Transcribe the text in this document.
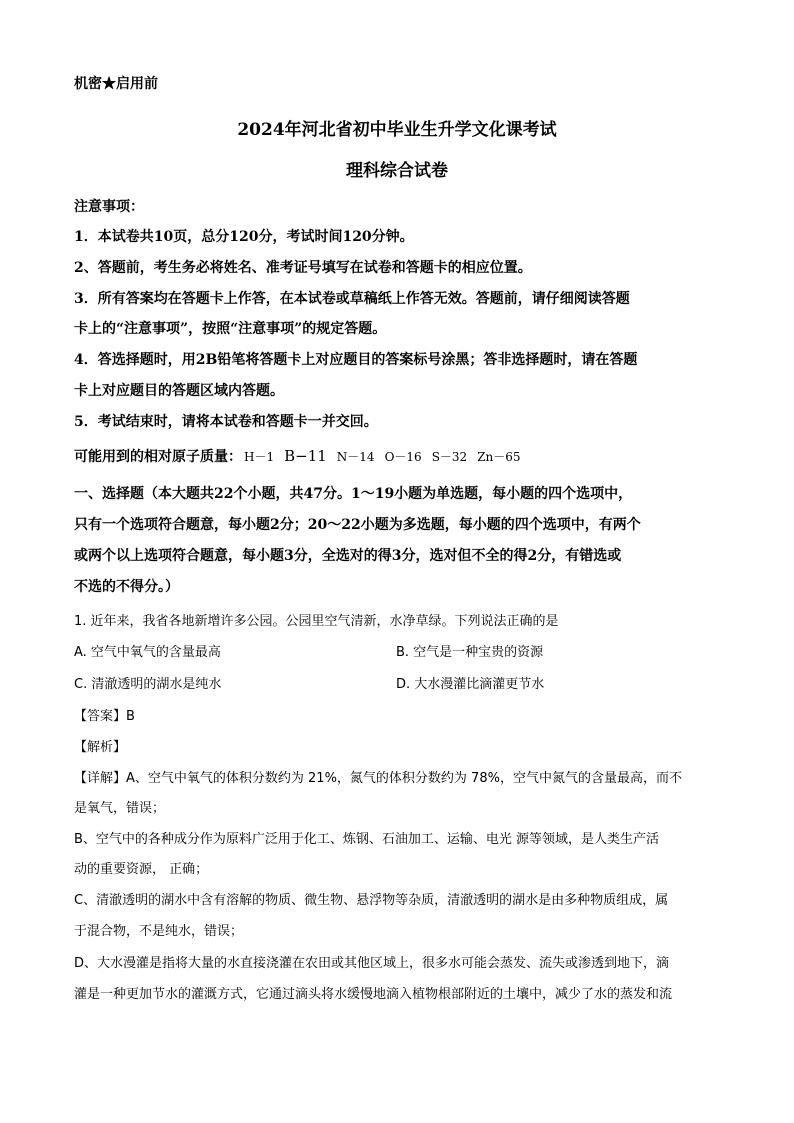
机密★启用前
2024年河北省初中毕业生升学文化课考试
理科综合试卷
注意事项：
1．本试卷共10页，总分120分，考试时间120分钟。
2、答题前，考生务必将姓名、准考证号填写在试卷和答题卡的相应位置。
3．所有答案均在答题卡上作答，在本试卷或草稿纸上作答无效。答题前，请仔细阅读答题
卡上的“注意事项”，按照“注意事项”的规定答题。
4．答选择题时，用2B铅笔将答题卡上对应题目的答案标号涂黑；答非选择题时，请在答题
卡上对应题目的答题区域内答题。
5．考试结束时，请将本试卷和答题卡一并交回。
可能用到的相对原子质量： H－1 B−11 N－14 O－16 S－32 Zn－65
一、选择题（本大题共22个小题，共47分。1～19小题为单选题，每小题的四个选项中，
只有一个选项符合题意，每小题2分；20～22小题为多选题，每小题的四个选项中，有两个
或两个以上选项符合题意，每小题3分，全选对的得3分，选对但不全的得2分，有错选或
不选的不得分。）
1. 近年来，我省各地新增许多公园。公园里空气清新，水净草绿。下列说法正确的是
A. 空气中氧气的含量最高	B. 空气是一种宝贵的资源
C. 清澈透明的湖水是纯水	D. 大水漫灌比滴灌更节水
【答案】B
【解析】
【详解】A、空气中氧气的体积分数约为 21%，氮气的体积分数约为 78%，空气中氮气的含量最高，而不
是氧气，错误；
B、空气中的各种成分作为原料广泛用于化工、炼钢、石油加工、运输、电光 源等领域，是人类生产活
动的重要资源， 正确；
C、清澈透明的湖水中含有溶解的物质、微生物、悬浮物等杂质，清澈透明的湖水是由多种物质组成，属
于混合物，不是纯水，错误；
D、大水漫灌是指将大量的水直接浇灌在农田或其他区域上，很多水可能会蒸发、流失或渗透到地下，滴
灌是一种更加节水的灌溉方式，它通过滴头将水缓慢地滴入植物根部附近的土壤中，减少了水的蒸发和流
